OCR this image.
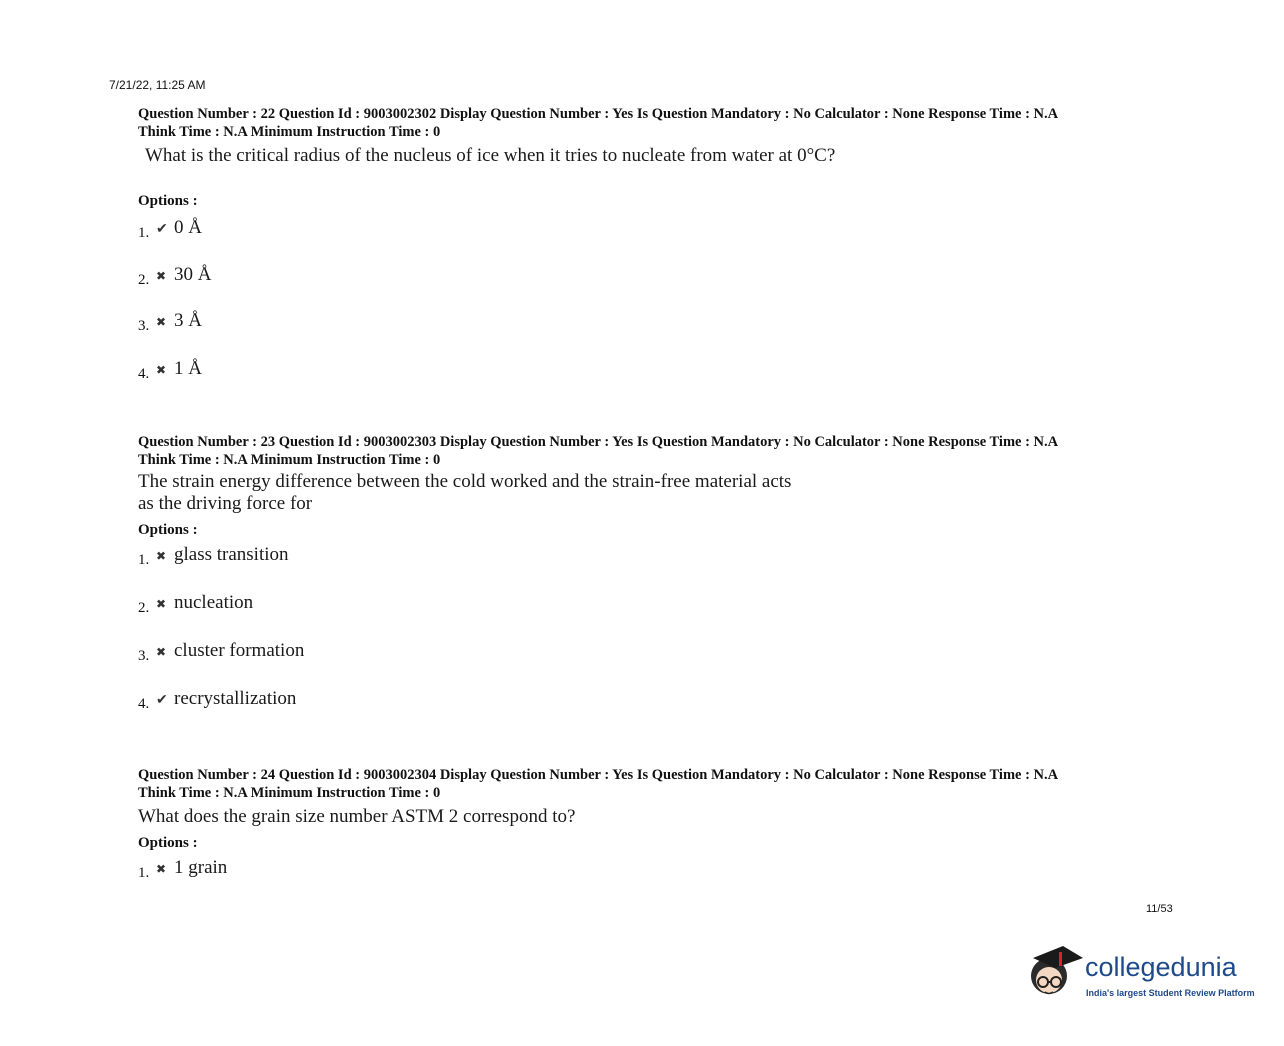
7/21/22, 11:25 AM
Question Number : 22 Question Id : 9003002302 Display Question Number : Yes Is Question Mandatory : No Calculator : None Response Time : N.A
Think Time : N.A Minimum Instruction Time : 0
What is the critical radius of the nucleus of ice when it tries to nucleate from water at 0°C?
Options :
1. ✔ 0 Å
2. ✖ 30 Å
3. ✖ 3 Å
4. ✖ 1 Å
Question Number : 23 Question Id : 9003002303 Display Question Number : Yes Is Question Mandatory : No Calculator : None Response Time : N.A
Think Time : N.A Minimum Instruction Time : 0
The strain energy difference between the cold worked and the strain-free material acts
as the driving force for
Options :
1. ✖ glass transition
2. ✖ nucleation
3. ✖ cluster formation
4. ✔ recrystallization
Question Number : 24 Question Id : 9003002304 Display Question Number : Yes Is Question Mandatory : No Calculator : None Response Time : N.A
Think Time : N.A Minimum Instruction Time : 0
What does the grain size number ASTM 2 correspond to?
Options :
1. ✖ 1 grain
11/53
collegedunia
India's largest Student Review Platform
